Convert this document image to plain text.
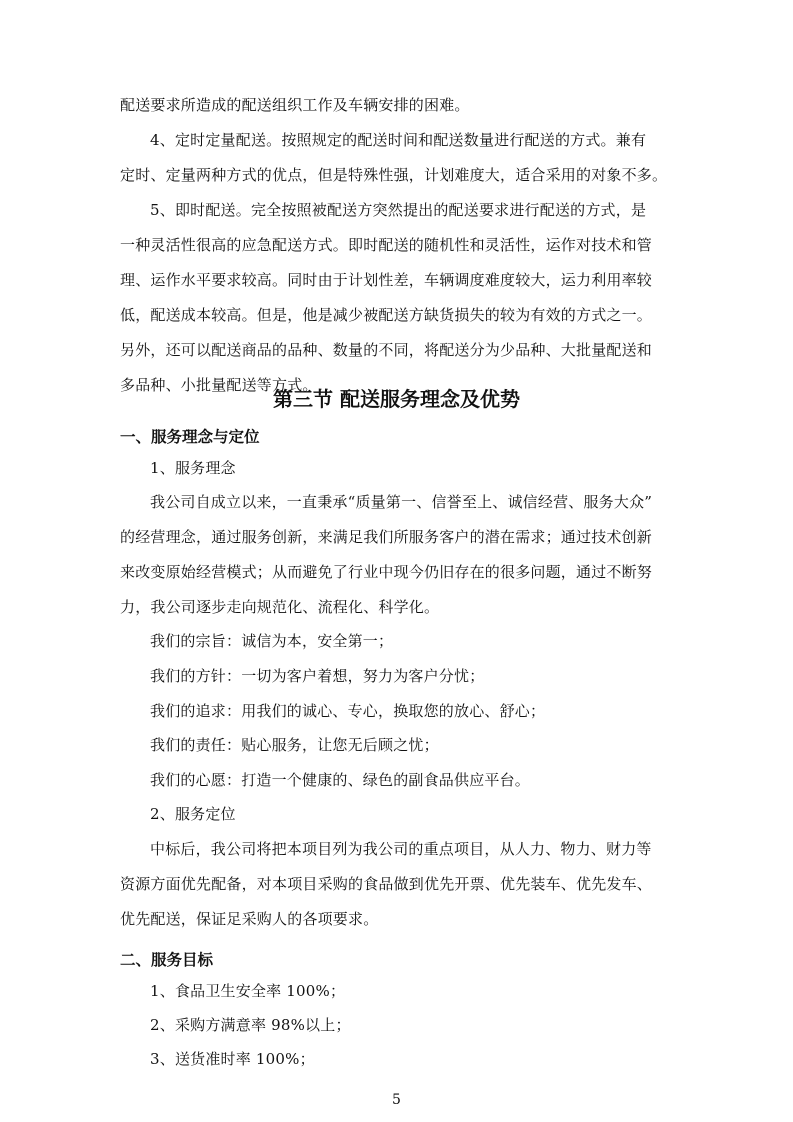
配送要求所造成的配送组织工作及车辆安排的困难。
4、定时定量配送。按照规定的配送时间和配送数量进行配送的方式。兼有
定时、定量两种方式的优点，但是特殊性强，计划难度大，适合采用的对象不多。
5、即时配送。完全按照被配送方突然提出的配送要求进行配送的方式，是
一种灵活性很高的应急配送方式。即时配送的随机性和灵活性，运作对技术和管
理、运作水平要求较高。同时由于计划性差，车辆调度难度较大，运力利用率较
低，配送成本较高。但是，他是减少被配送方缺货损失的较为有效的方式之一。
另外，还可以配送商品的品种、数量的不同，将配送分为少品种、大批量配送和
多品种、小批量配送等方式。
第三节 配送服务理念及优势
一、服务理念与定位
1、服务理念
我公司自成立以来，一直秉承“质量第一、信誉至上、诚信经营、服务大众”
的经营理念，通过服务创新，来满足我们所服务客户的潜在需求；通过技术创新
来改变原始经营模式；从而避免了行业中现今仍旧存在的很多问题，通过不断努
力，我公司逐步走向规范化、流程化、科学化。
我们的宗旨：诚信为本，安全第一；
我们的方针：一切为客户着想，努力为客户分忧；
我们的追求：用我们的诚心、专心，换取您的放心、舒心；
我们的责任：贴心服务，让您无后顾之忧；
我们的心愿：打造一个健康的、绿色的副食品供应平台。
2、服务定位
中标后，我公司将把本项目列为我公司的重点项目，从人力、物力、财力等
资源方面优先配备，对本项目采购的食品做到优先开票、优先装车、优先发车、
优先配送，保证足采购人的各项要求。
二、服务目标
1、食品卫生安全率 100%；
2、采购方满意率 98%以上；
3、送货准时率 100%；
5
